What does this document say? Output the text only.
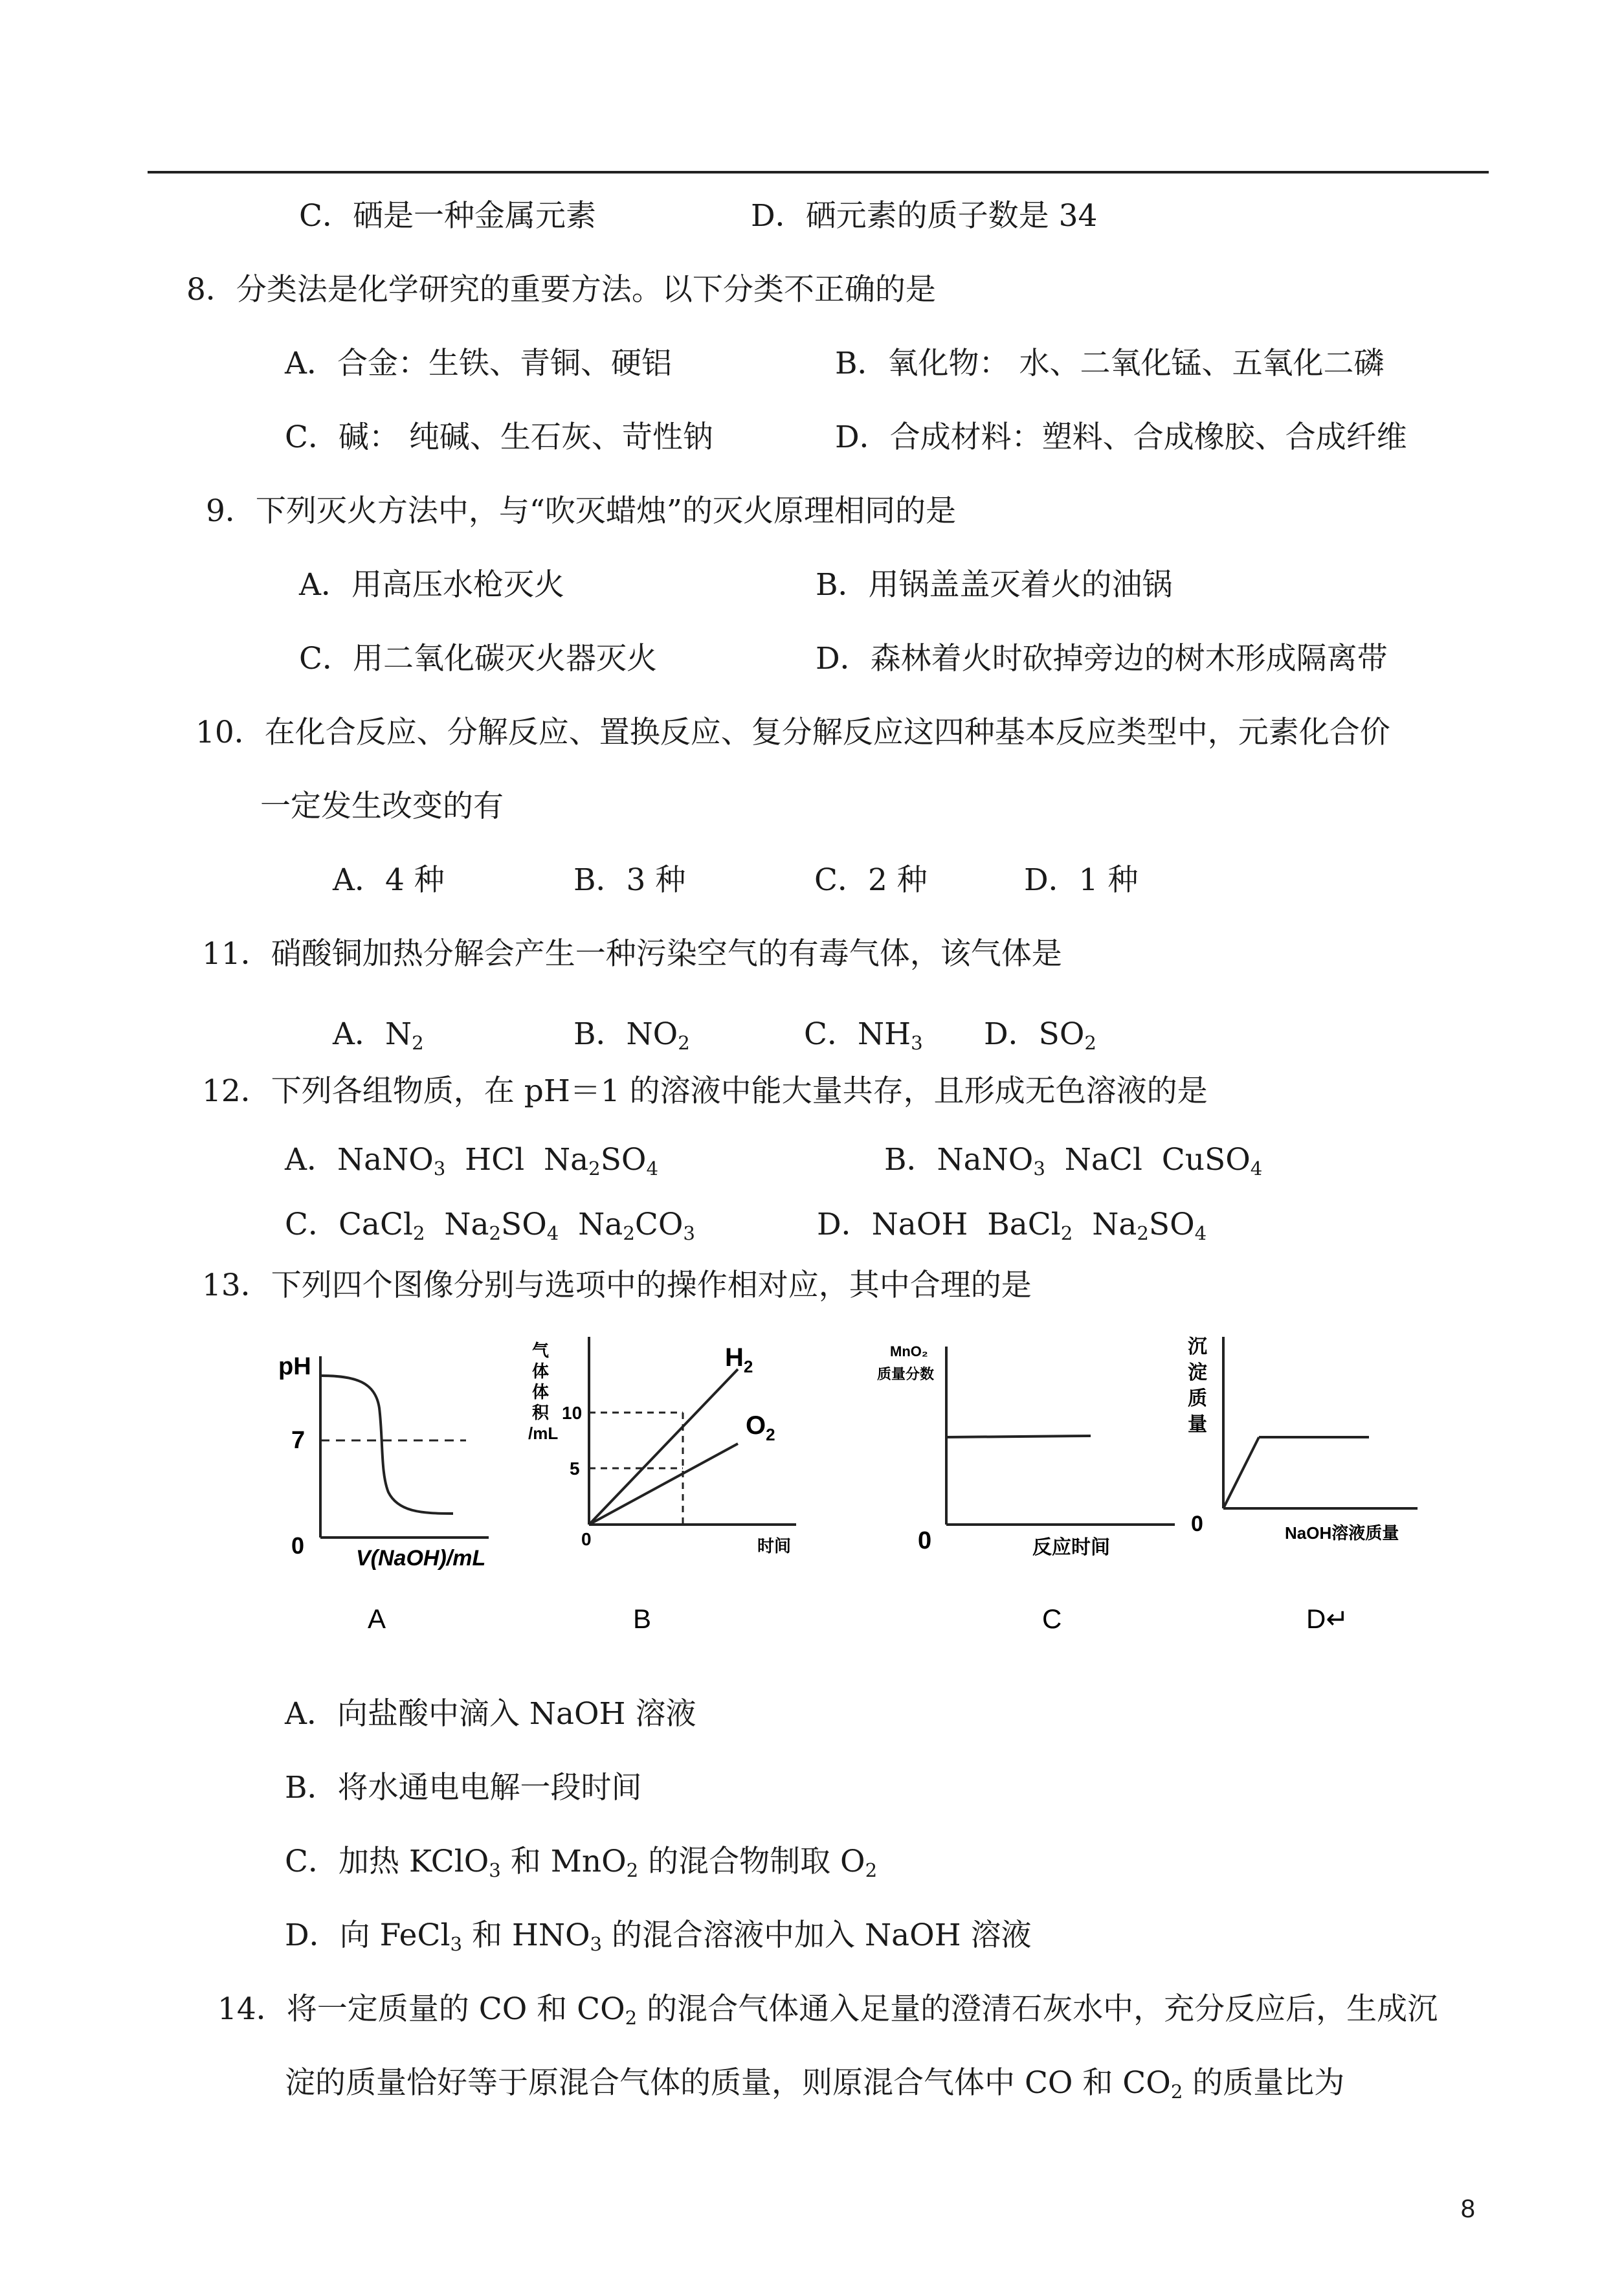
C．硒是一种金属元素	D．硒元素的质子数是 34
8．分类法是化学研究的重要方法。以下分类不正确的是
A．合金：生铁、青铜、硬铝	B．氧化物： 水、二氧化锰、五氧化二磷
C．碱： 纯碱、生石灰、苛性钠	D．合成材料：塑料、合成橡胶、合成纤维
9．下列灭火方法中，与“吹灭蜡烛”的灭火原理相同的是
A．用高压水枪灭火	B．用锅盖盖灭着火的油锅
C．用二氧化碳灭火器灭火	D．森林着火时砍掉旁边的树木形成隔离带
10．在化合反应、分解反应、置换反应、复分解反应这四种基本反应类型中，元素化合价
一定发生改变的有
A．4 种	B．3 种	C．2 种	D．1 种
11．硝酸铜加热分解会产生一种污染空气的有毒气体，该气体是
A．$N_2$	B．$NO_2$	C．$NH_3$ D．$SO_2$
12．下列各组物质，在 pH＝1 的溶液中能大量共存，且形成无色溶液的是
A．NaNO$_3$  HCl  $Na_2SO_4$	B．NaNO$_3$  NaCl  CuSO$_4$
C．CaCl$_2$  $Na_2SO_4$  $Na_2CO_3$	D．NaOH  BaCl$_2$  $Na_2SO_4$
13．下列四个图像分别与选项中的操作相对应，其中合理的是
pH
7
0 V(NaOH)/mL
A
气
体
体
积
/mL
10
5
0	时间
$H_2$
$O_2$
B
MnO₂
质量分数
0	反应时间
C
沉
淀
质
量
0	NaOH溶液质量
D↵
A．向盐酸中滴入 NaOH 溶液
B．将水通电电解一段时间
C．加热 KClO$_3$ 和 MnO$_2$ 的混合物制取 $O_2$
D．向 FeCl$_3$ 和 $HNO_3$ 的混合溶液中加入 NaOH 溶液
14．将一定质量的 CO 和 $CO_2$ 的混合气体通入足量的澄清石灰水中，充分反应后，生成沉
淀的质量恰好等于原混合气体的质量，则原混合气体中 CO 和 $CO_2$ 的质量比为
8
